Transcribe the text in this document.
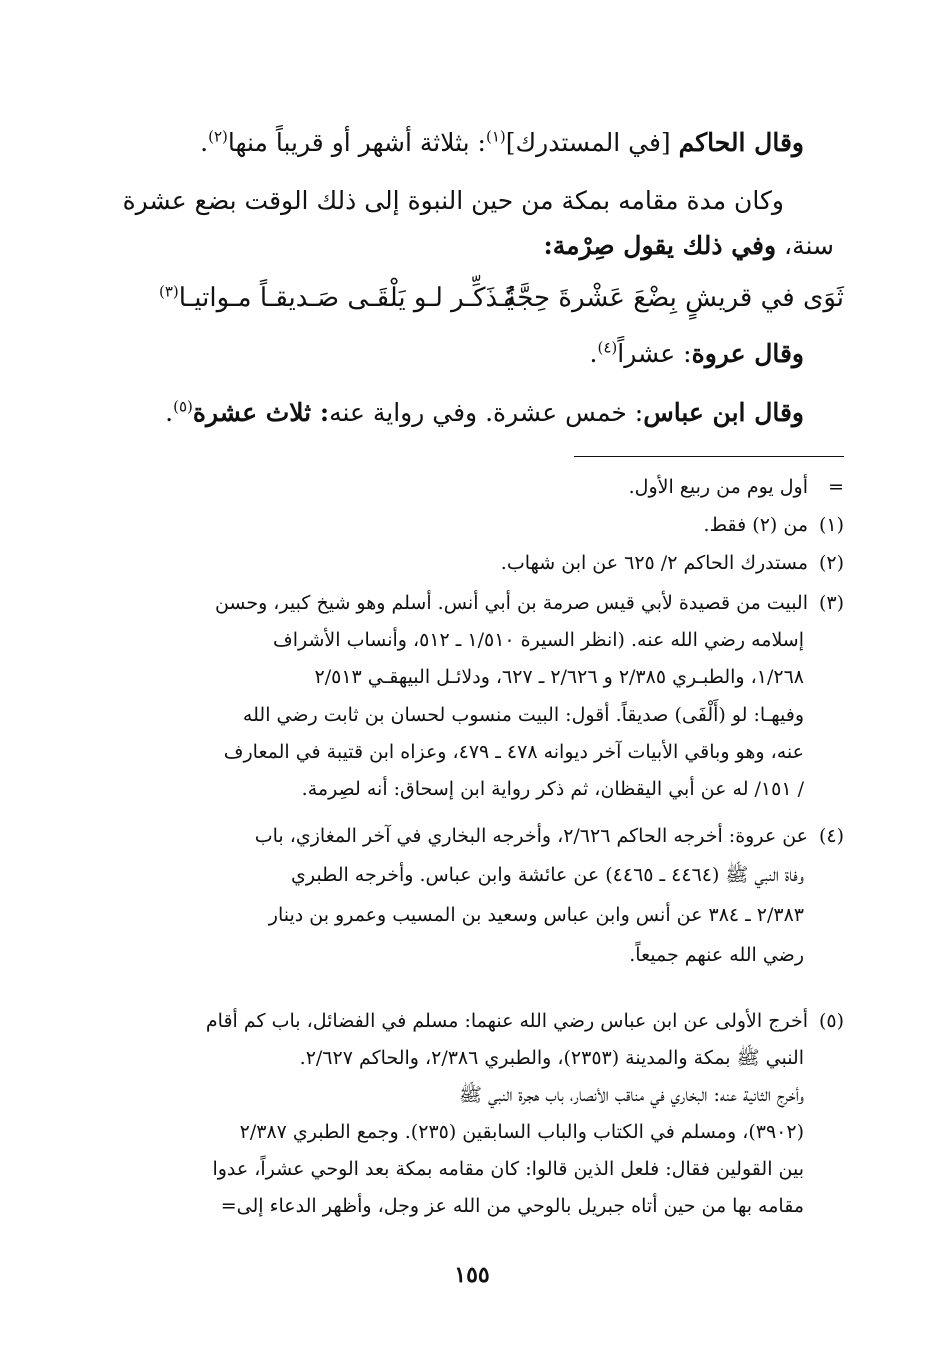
وقال الحاكم [في المستدرك]$^{(١)}$: بثلاثة أشهر أو قريباً منها$^{(٢)}$.
وكان مدة مقامه بمكة من حين النبوة إلى ذلك الوقت بضع عشرة
سنة، وفي ذلك يقول صِرْمة:
ثَوَى في قريشٍ بِضْعَ عَشْرةَ حِجَّةً
يُـذَكِّـر لـو يَلْقَـى صَـديقـاً مـواتيـا$^{(٣)}$
وقال عروة: عشراً$^{(٤)}$.
وقال ابن عباس: خمس عشرة. وفي رواية عنه: ثلاث عشرة$^{(٥)}$.
=أول يوم من ربيع الأول.
(١)من (٢) فقط.
(٢)مستدرك الحاكم ٢/ ٦٢٥ عن ابن شهاب.
(٣)البيت من قصيدة لأبي قيس صرمة بن أبي أنس. أسلم وهو شيخ كبير، وحسن
إسلامه رضي الله عنه. (انظر السيرة ١/٥١٠ ـ ٥١٢، وأنساب الأشراف
١/٢٦٨، والطبـري ٢/٣٨٥ و ٢/٦٢٦ ـ ٦٢٧، ودلائـل البيهقـي ٢/٥١٣
وفيهـا: لو (أَلْفَى) صديقاً. أقول: البيت منسوب لحسان بن ثابت رضي الله
عنه، وهو وباقي الأبيات آخر ديوانه ٤٧٨ ـ ٤٧٩، وعزاه ابن قتيبة في المعارف
/ ١٥١/ له عن أبي اليقظان، ثم ذكر رواية ابن إسحاق: أنه لصِرمة.
(٤)عن عروة: أخرجه الحاكم ٢/٦٢٦، وأخرجه البخاري في آخر المغازي، باب
وفاة النبي ﷺ (٤٤٦٤ ـ ٤٤٦٥) عن عائشة وابن عباس. وأخرجه الطبري
٢/٣٨٣ ـ ٣٨٤ عن أنس وابن عباس وسعيد بن المسيب وعمرو بن دينار
رضي الله عنهم جميعاً.
(٥)أخرج الأولى عن ابن عباس رضي الله عنهما: مسلم في الفضائل، باب كم أقام
النبي ﷺ بمكة والمدينة (٢٣٥٣)، والطبري ٢/٣٨٦، والحاكم ٢/٦٢٧.
وأخرج الثانية عنه: البخاري في مناقب الأنصار، باب هجرة النبي ﷺ
(٣٩٠٢)، ومسلم في الكتاب والباب السابقين (٢٣٥). وجمع الطبري ٢/٣٨٧
بين القولين فقال: فلعل الذين قالوا: كان مقامه بمكة بعد الوحي عشراً، عدوا
مقامه بها من حين أتاه جبريل بالوحي من الله عز وجل، وأظهر الدعاء إلى=
١٥٥
